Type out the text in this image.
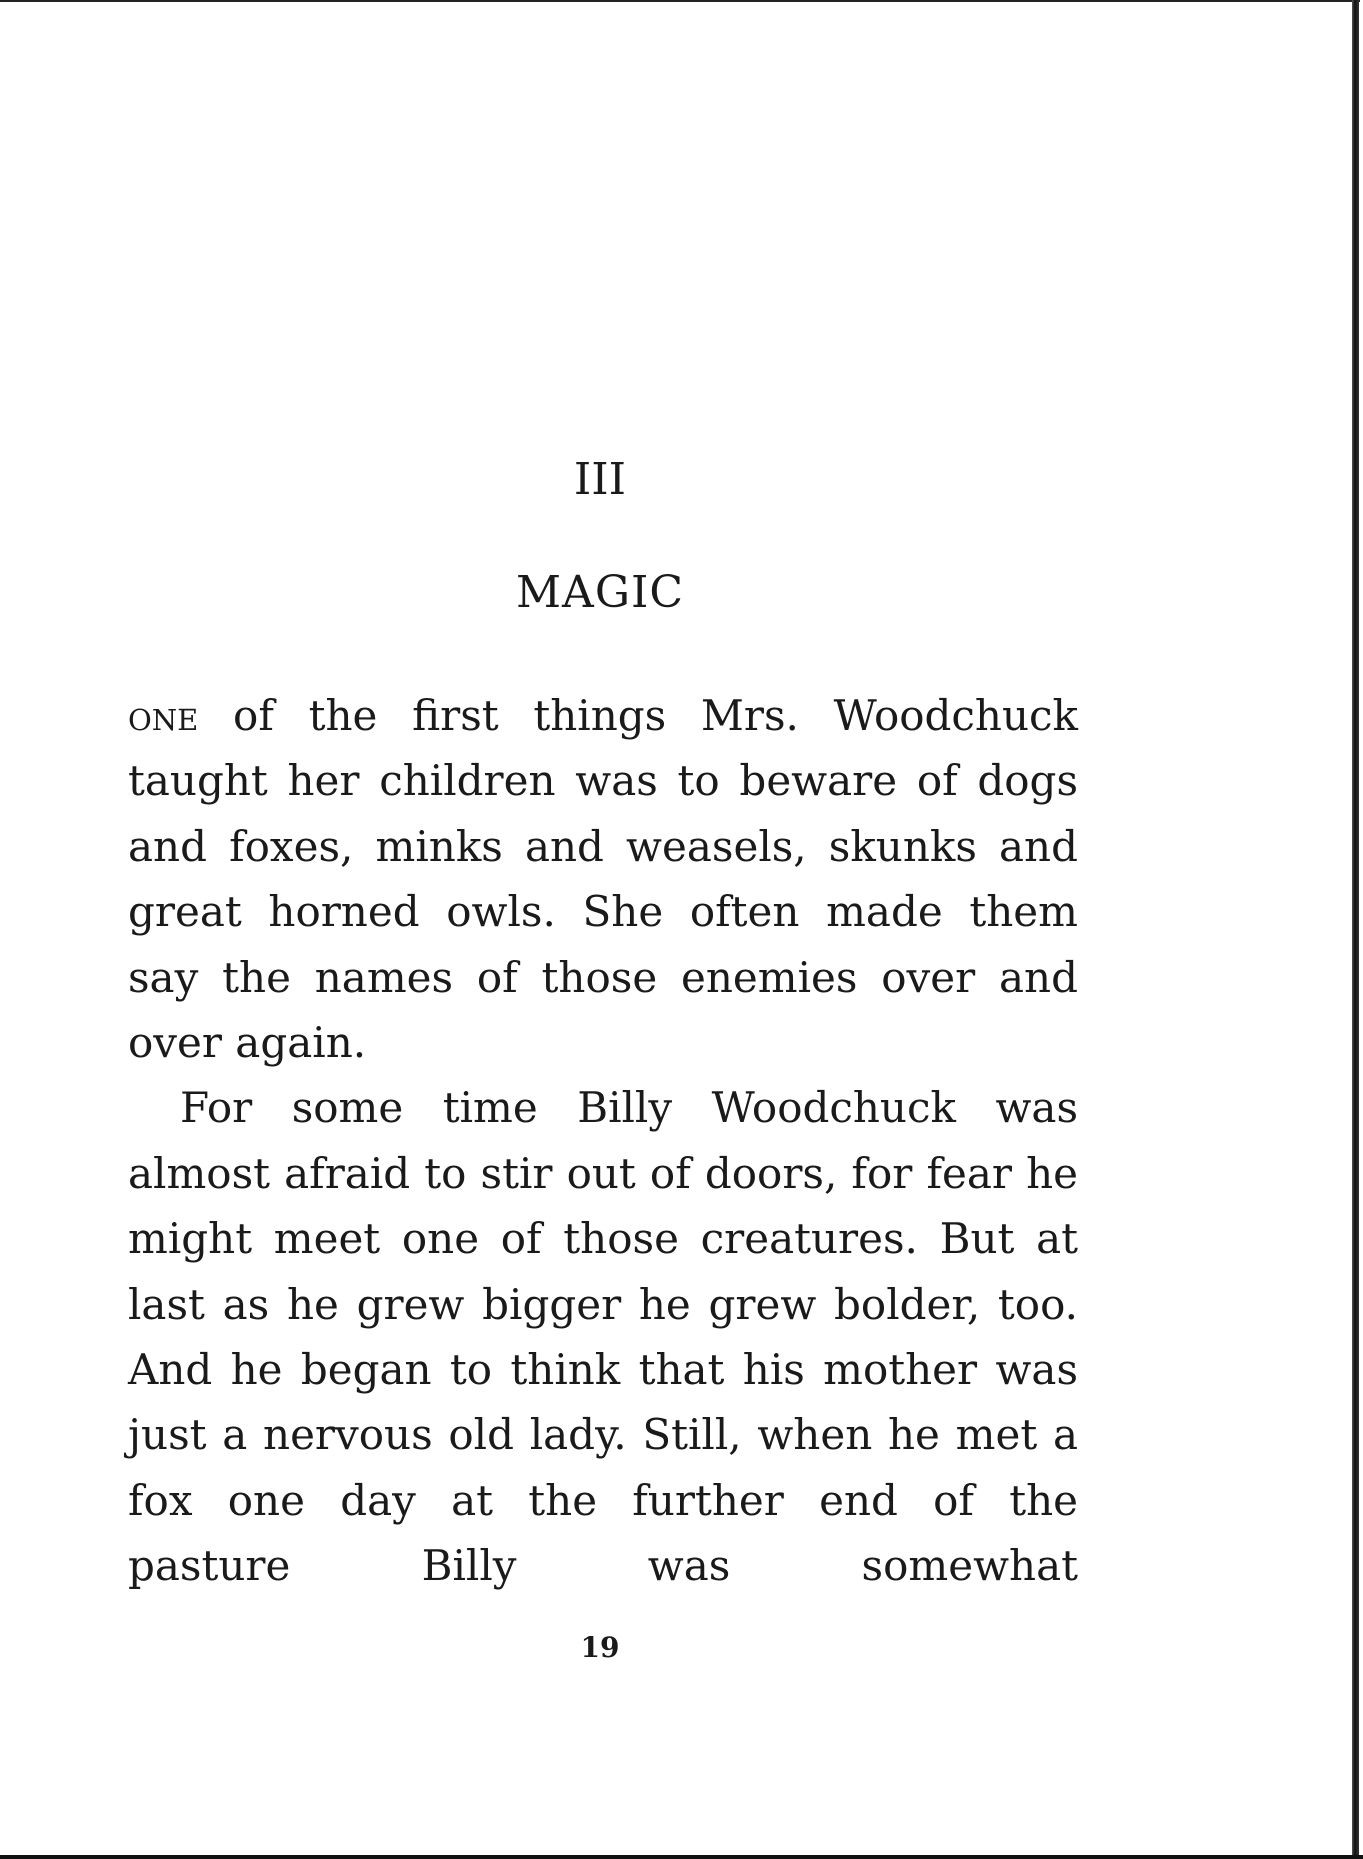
III
MAGIC

one of the first things Mrs. Woodchuck taught her children was to beware of dogs and foxes, minks and weasels, skunks and great horned owls. She often made them say the names of those enemies over and over again.

For some time Billy Woodchuck was almost afraid to stir out of doors, for fear he might meet one of those creatures. But at last as he grew bigger he grew bolder, too. And he began to think that his mother was just a nervous old lady. Still, when he met a fox one day at the further end of the pasture Billy was somewhat

19
